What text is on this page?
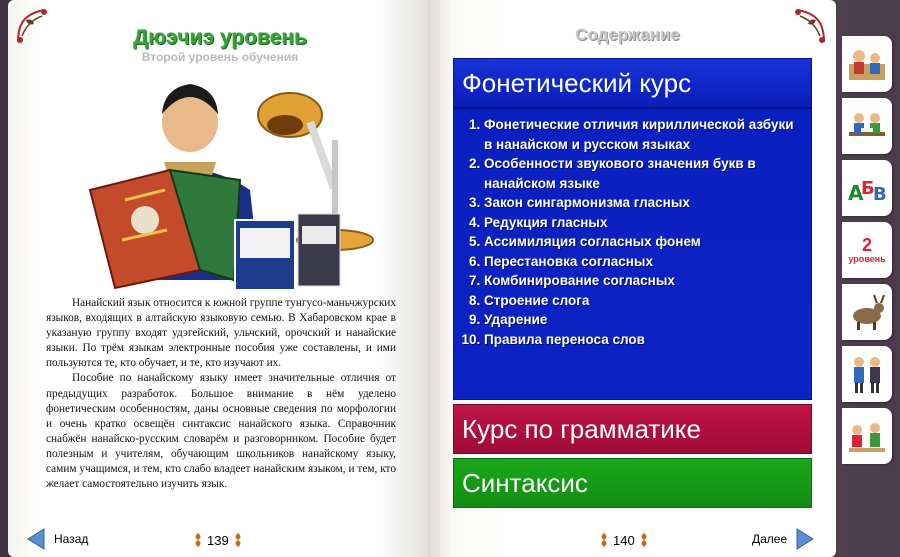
Дюэчиэ уровень
Второй уровень обучения

Нанайский язык относится к южной группе тунгусо-маньчжурских языков, входящих в алтайскую языковую семью. В Хабаровском крае в указаную группу входят удэгейский, ульчский, орочский и нанайские языки. По трём языкам электронные пособия уже составлены, и ими пользуются те, кто обучает, и те, кто изучают их.

Пособие по нанайскому языку имеет значительные отличия от предыдущих разработок. Большое внимание в нём уделено фонетическим особенностям, даны основные сведения по морфологии и очень кратко освещён синтаксис нанайского языка. Справочник снабжён нанайско-русским словарём и разговорником. Пособие будет полезным и учителям, обучающим школьников нанайскому языку, самим учащимся, и тем, кто слабо владеет нанайским языком, и тем, кто желает самостоятельно изучить язык.

Назад	139
Содержание
Фонетический курс
1. Фонетические отличия кириллической азбуки в нанайском и русском языках
2. Особенности звукового значения букв в нанайском языке
3. Закон сингармонизма гласных
4. Редукция гласных
5. Ассимиляция согласных фонем
6. Перестановка согласных
7. Комбинирование согласных
8. Строение слога
9. Ударение
10. Правила переноса слов
Курс по грамматике
Синтаксис
140	Далее
А
Б
В
2
уровень
